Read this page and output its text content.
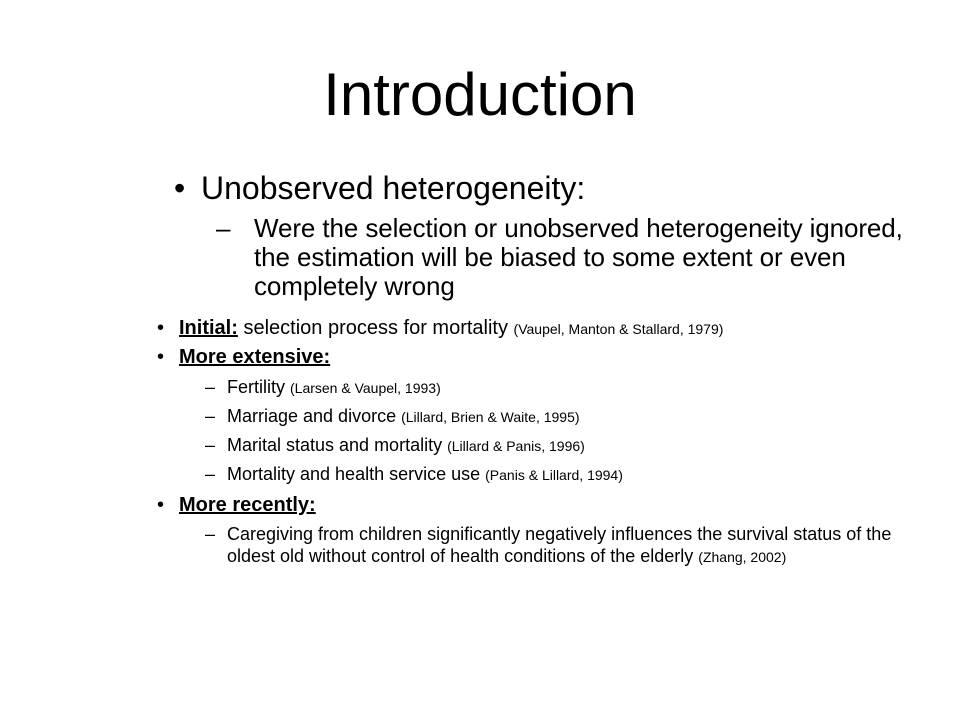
Introduction
• Unobserved heterogeneity:
– Were the selection or unobserved heterogeneity ignored, the estimation will be biased to some extent or even completely wrong
• Initial: selection process for mortality (Vaupel, Manton & Stallard, 1979)
• More extensive:
– Fertility (Larsen & Vaupel, 1993)
– Marriage and divorce (Lillard, Brien & Waite, 1995)
– Marital status and mortality (Lillard & Panis, 1996)
– Mortality and health service use (Panis & Lillard, 1994)
• More recently:
– Caregiving from children significantly negatively influences the survival status of the oldest old without control of health conditions of the elderly (Zhang, 2002)
